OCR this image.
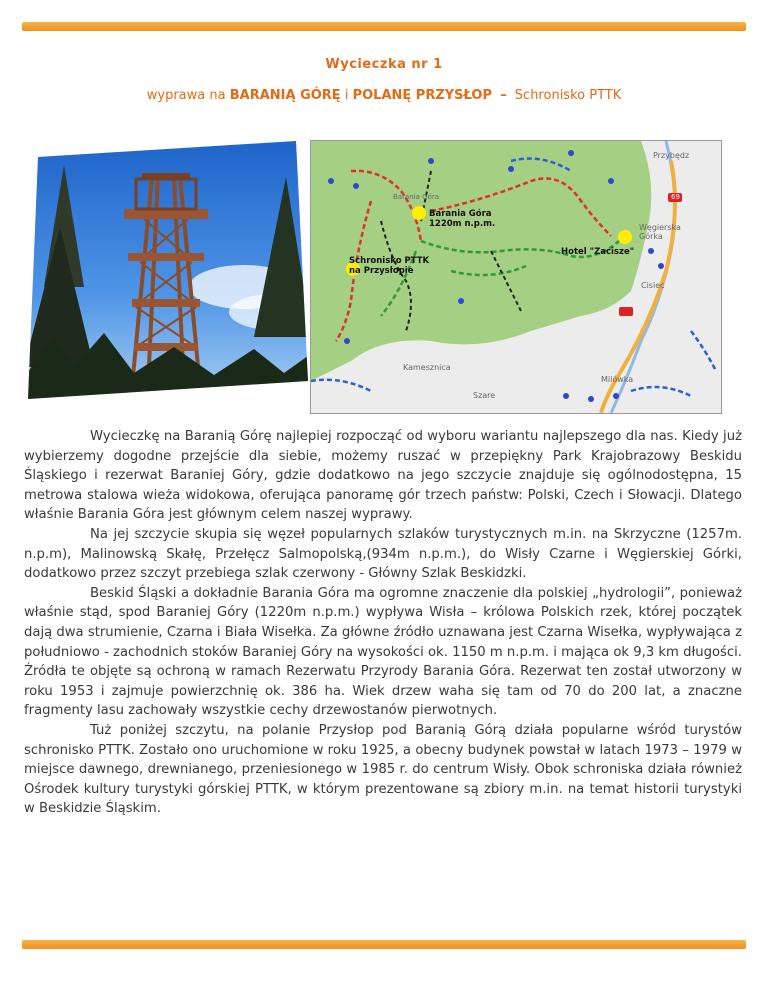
Wycieczka nr 1
wyprawa na BARANIĄ GÓRĘ i POLANĘ PRZYSŁOP – Schronisko PTTK
Barania Góra
1220m n.p.m.
Schronisko PTTK
na Przysłopie
Hotel "Zacisze"
Przybędz
Węgierska
Górka
Cisiec
Kamesznica
Szare
Milówka
69
Barania Góra

Wycieczkę na Baranią Górę najlepiej rozpocząć od wyboru wariantu najlepszego dla nas. Kiedy już wybierzemy dogodne przejście dla siebie, możemy ruszać w przepiękny Park Krajobrazowy Beskidu Śląskiego i rezerwat Baraniej Góry, gdzie dodatkowo na jego szczycie znajduje się ogólnodostępna, 15 metrowa stalowa wieża widokowa, oferująca panoramę gór trzech państw: Polski, Czech i Słowacji. Dlatego właśnie Barania Góra jest głównym celem naszej wyprawy.

Na jej szczycie skupia się węzeł popularnych szlaków turystycznych m.in. na Skrzyczne (1257m. n.p.m), Malinowską Skałę, Przełęcz Salmopolską,(934m n.p.m.), do Wisły Czarne i Węgierskiej Górki, dodatkowo przez szczyt przebiega szlak czerwony - Główny Szlak Beskidzki.

Beskid Śląski a dokładnie Barania Góra ma ogromne znaczenie dla polskiej „hydrologii”, ponieważ właśnie stąd, spod Baraniej Góry (1220m n.p.m.) wypływa Wisła – królowa Polskich rzek, której początek dają dwa strumienie, Czarna i Biała Wisełka. Za główne źródło uznawana jest Czarna Wisełka, wypływająca z południowo - zachodnich stoków Baraniej Góry na wysokości ok. 1150 m n.p.m. i mająca ok 9,3 km długości. Źródła te objęte są ochroną w ramach Rezerwatu Przyrody Barania Góra. Rezerwat ten został utworzony w roku 1953 i zajmuje powierzchnię ok. 386 ha. Wiek drzew waha się tam od 70 do 200 lat, a znaczne fragmenty lasu zachowały wszystkie cechy drzewostanów pierwotnych.

Tuż poniżej szczytu, na polanie Przysłop pod Baranią Górą działa popularne wśród turystów schronisko PTTK. Zostało ono uruchomione w roku 1925, a obecny budynek powstał w latach 1973 – 1979 w miejsce dawnego, drewnianego, przeniesionego w 1985 r. do centrum Wisły. Obok schroniska działa również Ośrodek kultury turystyki górskiej PTTK, w którym prezentowane są zbiory m.in. na temat historii turystyki w Beskidzie Śląskim.
